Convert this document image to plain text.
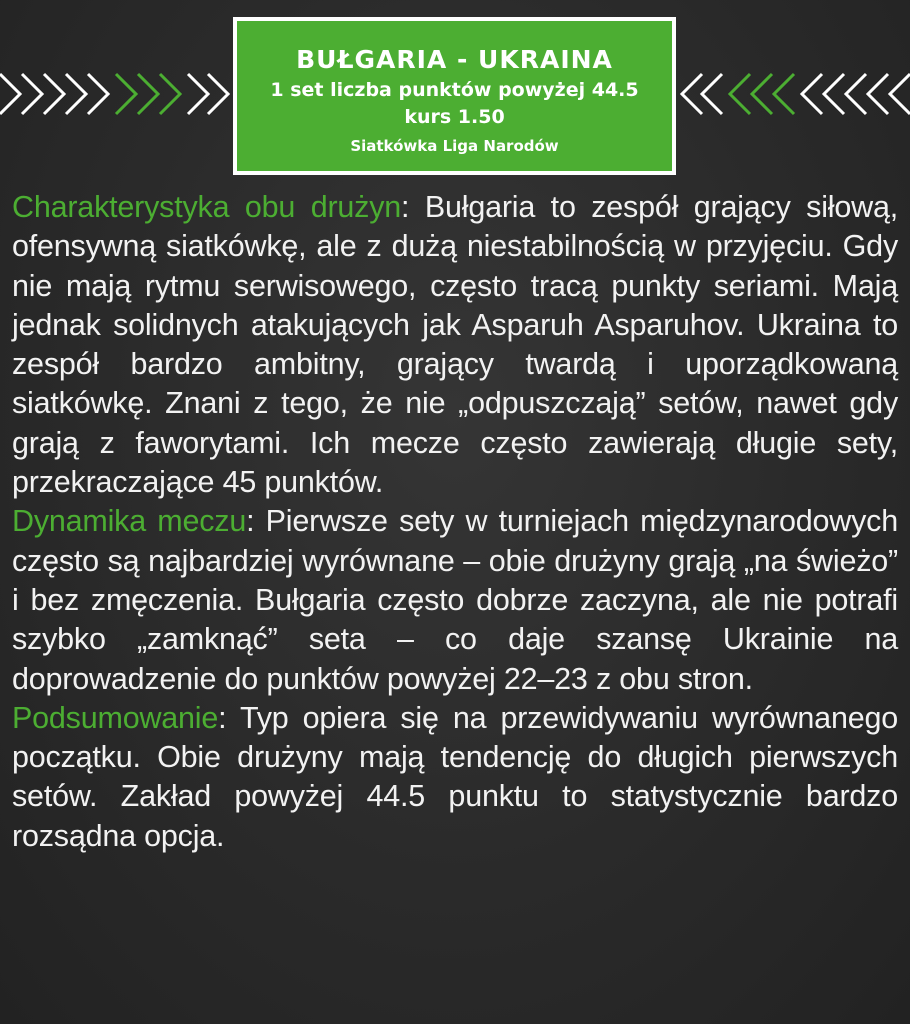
BUŁGARIA - UKRAINA
1 set liczba punktów powyżej 44.5
kurs 1.50
Siatkówka Liga Narodów

Charakterystyka obu drużyn: Bułgaria to zespół grający siłową, ofensywną siatkówkę, ale z dużą niestabilnością w przyjęciu. Gdy nie mają rytmu serwisowego, często tracą punkty seriami. Mają jednak solidnych atakujących jak Asparuh Asparuhov. Ukraina to zespół bardzo ambitny, grający twardą i uporządkowaną siatkówkę. Znani z tego, że nie „odpuszczają” setów, nawet gdy grają z faworytami. Ich mecze często zawierają długie sety, przekraczające 45 punktów.

Dynamika meczu: Pierwsze sety w turniejach międzynarodowych często są najbardziej wyrównane – obie drużyny grają „na świeżo” i bez zmęczenia. Bułgaria często dobrze zaczyna, ale nie potrafi szybko „zamknąć” seta – co daje szansę Ukrainie na doprowadzenie do punktów powyżej 22–23 z obu stron.

Podsumowanie: Typ opiera się na przewidywaniu wyrównanego początku. Obie drużyny mają tendencję do długich pierwszych setów. Zakład powyżej 44.5 punktu to statystycznie bardzo rozsądna opcja.
